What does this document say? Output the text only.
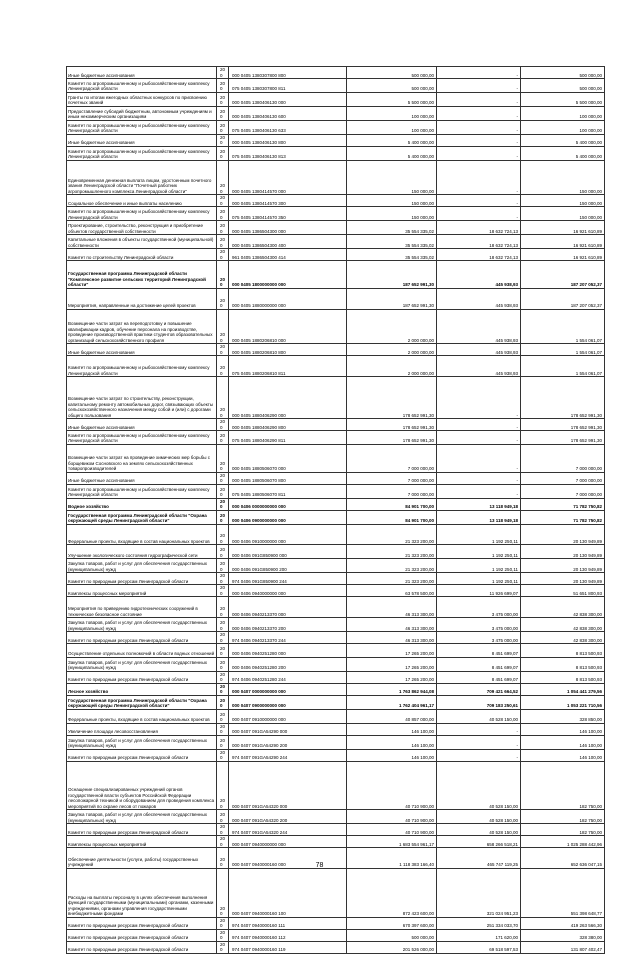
Иные бюджетные ассигнования	200	000 0405 1380307800 800	500 000,00	-	500 000,00
Комитет по агропромышленному и рыбохозяйственному комплексу Ленинградской области	200	075 0405 1380307800 811	500 000,00	-	500 000,00
Гранты по итогам ежегодных областных конкурсов по присвоению почетных званий	200	000 0405 1380406130 000	5 500 000,00	-	5 500 000,00
Предоставление субсидий бюджетным, автономным учреждениям и иным некоммерческим организациям	200	000 0405 1380406130 600	100 000,00	-	100 000,00
Комитет по агропромышленному и рыбохозяйственному комплексу Ленинградской области	200	075 0405 1380406130 633	100 000,00	-	100 000,00
Иные бюджетные ассигнования	200	000 0405 1380406130 800	5 400 000,00	-	5 400 000,00
Комитет по агропромышленному и рыбохозяйственному комплексу Ленинградской области	200	075 0405 1380406130 813	5 400 000,00	-	5 400 000,00
Единовременная денежная выплата лицам, удостоенным почетного звания Ленинградской области "Почетный работник агропромышленного комплекса Ленинградской области"	200	000 0405 1380414570 000	150 000,00	-	150 000,00
Социальное обеспечение и иные выплаты населению	200	000 0405 1380414570 300	150 000,00	-	150 000,00
Комитет по агропромышленному и рыбохозяйственному комплексу Ленинградской области	200	075 0405 1380414570 350	150 000,00	-	150 000,00
Проектирование, строительство, реконструкция и приобретение объектов государственной собственности	200	000 0405 1386504300 000	35 554 335,02	18 632 724,13	16 921 610,89
Капитальные вложения в объекты государственной (муниципальной) собственности	200	000 0405 1386504300 400	35 554 335,02	18 632 724,13	16 921 610,89
Комитет по строительству Ленинградской области	200	961 0405 1386504300 414	35 554 335,02	18 632 724,13	16 921 610,89
Государственная программа Ленинградской области "Комплексное развитие сельских территорий Ленинградской области"	200	000 0405 1800000000 000	187 652 991,30	445 938,93	187 207 052,37
Мероприятия, направленные на достижение целей проектов	200	000 0405 1880000000 000	187 652 991,30	445 938,93	187 207 052,37
Возмещение части затрат на переподготовку и повышение квалификации кадров, обучение персонала на производстве, проведение производственной практики студентов образовательных организаций сельскохозяйственного профиля	200	000 0405 1880206810 000	2 000 000,00	445 938,93	1 554 061,07
Иные бюджетные ассигнования	200	000 0405 1880206810 800	2 000 000,00	445 938,93	1 554 061,07
Комитет по агропромышленному и рыбохозяйственному комплексу Ленинградской области	200	075 0405 1880206810 811	2 000 000,00	445 938,93	1 554 061,07
Возмещение части затрат по строительству, реконструкции, капитальному ремонту автомобильных дорог, связывающих объекты сельскохозяйственного назначения между собой и (или) с дорогами общего пользования	200	000 0405 1880406290 000	178 652 991,30	-	178 652 991,30
Иные бюджетные ассигнования	200	000 0405 1880406290 800	178 652 991,30	-	178 652 991,30
Комитет по агропромышленному и рыбохозяйственному комплексу Ленинградской области	200	075 0405 1880406290 811	178 652 991,30	-	178 652 991,30
Возмещение части затрат на проведение химических мер борьбы с борщевиком Сосновского на землях сельскохозяйственных товаропроизводителей	200	000 0405 1880506070 000	7 000 000,00	-	7 000 000,00
Иные бюджетные ассигнования	200	000 0405 1880506070 800	7 000 000,00	-	7 000 000,00
Комитет по агропромышленному и рыбохозяйственному комплексу Ленинградской области	200	075 0405 1880506070 811	7 000 000,00	-	7 000 000,00
Водное хозяйство	200	000 0406 0000000000 000	84 901 700,00	13 118 949,18	71 782 750,82
Государственная программа Ленинградской области "Охрана окружающей среды Ленинградской области"	200	000 0406 0900000000 000	84 901 700,00	13 118 949,18	71 782 750,82
Федеральные проекты, входящие в состав национальных проектов	200	000 0406 0910000000 000	21 323 200,00	1 192 250,11	20 130 949,89
Улучшение экологического состояния гидрографической сети	200	000 0406 091G850900 000	21 323 200,00	1 192 250,11	20 130 949,89
Закупка товаров, работ и услуг для обеспечения государственных (муниципальных) нужд	200	000 0406 091G850900 200	21 323 200,00	1 192 250,11	20 130 949,89
Комитет по природным ресурсам Ленинградской области	200	974 0406 091G850900 244	21 323 200,00	1 192 250,11	20 130 949,89
Комплексы процессных мероприятий	200	000 0406 0940000000 000	63 578 500,00	11 926 699,07	51 651 800,93
Мероприятия по приведению гидротехнических сооружений в техническое безопасное состояние	200	000 0406 0940213370 000	46 313 300,00	3 475 000,00	42 838 300,00
Закупка товаров, работ и услуг для обеспечения государственных (муниципальных) нужд	200	000 0406 0940213370 200	46 313 300,00	3 475 000,00	42 838 300,00
Комитет по природным ресурсам Ленинградской области	200	974 0406 0940213370 244	46 313 300,00	3 475 000,00	42 838 300,00
Осуществление отдельных полномочий в области водных отношений	200	000 0406 0940251280 000	17 265 200,00	8 451 699,07	8 813 500,93
Закупка товаров, работ и услуг для обеспечения государственных (муниципальных) нужд	200	000 0406 0940251280 200	17 265 200,00	8 451 699,07	8 813 500,93
Комитет по природным ресурсам Ленинградской области	200	974 0406 0940251280 244	17 265 200,00	8 451 699,07	8 813 500,93
Лесное хозяйство	200	000 0407 0000000000 000	1 763 862 944,08	709 421 664,52	1 054 441 279,56
Государственная программа Ленинградской области "Охрана окружающей среды Ленинградской области"	200	000 0407 0900000000 000	1 762 404 961,17	709 183 250,61	1 053 221 710,56
Федеральные проекты, входящие в состав национальных проектов	200	000 0407 0910000000 000	40 857 000,00	40 528 150,00	328 850,00
Увеличение площади лесовосстановления	200	000 0407 091GA54290 000	146 100,00	-	146 100,00
Закупка товаров, работ и услуг для обеспечения государственных (муниципальных) нужд	200	000 0407 091GA54290 200	146 100,00	-	146 100,00
Комитет по природным ресурсам Ленинградской области	200	974 0407 091GA54290 244	146 100,00	-	146 100,00
Оснащение специализированных учреждений органов государственной власти субъектов Российской Федерации лесопожарной техникой и оборудованием для проведения комплекса мероприятий по охране лесов от пожаров	200	000 0407 091GA54320 000	40 710 900,00	40 528 150,00	182 750,00
Закупка товаров, работ и услуг для обеспечения государственных (муниципальных) нужд	200	000 0407 091GA54320 200	40 710 900,00	40 528 150,00	182 750,00
Комитет по природным ресурсам Ленинградской области	200	974 0407 091GA54320 244	40 710 900,00	40 528 150,00	182 750,00
Комплексы процессных мероприятий	200	000 0407 0940000000 000	1 683 554 961,17	658 266 518,21	1 025 288 442,96
Обеспечение деятельности (услуги, работы) государственных учреждений	200	000 0407 0940000160 000	1 118 383 166,40	465 747 119,25	652 636 047,15
Расходы на выплаты персоналу в целях обеспечения выполнения функций государственными (муниципальными) органами, казенными учреждениями, органами управления государственными внебюджетными фондами	200	000 0407 0940000160 100	872 423 600,00	321 024 951,23	551 398 648,77
Комитет по природным ресурсам Ленинградской области	200	974 0407 0940000160 111	670 397 600,00	251 334 033,70	419 263 566,30
Комитет по природным ресурсам Ленинградской области	200	974 0407 0940000160 112	500 000,00	171 620,00	328 380,00
Комитет по природным ресурсам Ленинградской области	200	974 0407 0940000160 119	201 526 000,00	69 518 597,53	131 807 402,47
78
